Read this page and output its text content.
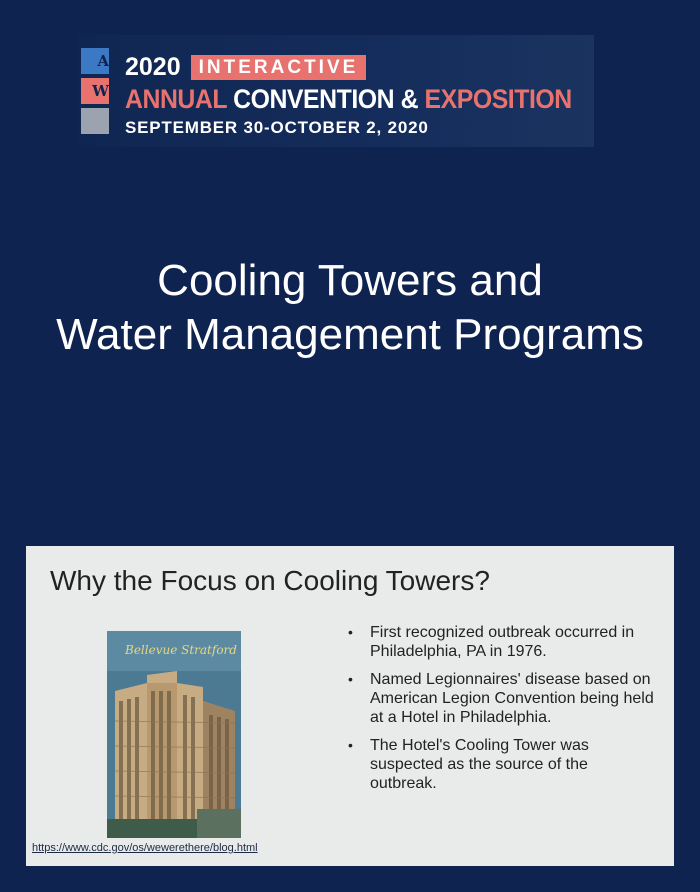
A
W
2020 INTERACTIVE
ANNUAL CONVENTION & EXPOSITION
SEPTEMBER 30-OCTOBER 2, 2020
Cooling Towers and
Water Management Programs
Why the Focus on Cooling Towers?
Bellevue Stratford
https://www.cdc.gov/os/wewerethere/blog.html
• First recognized outbreak occurred in Philadelphia, PA in 1976.
• Named Legionnaires' disease based on American Legion Convention being held at a Hotel in Philadelphia.
• The Hotel's Cooling Tower was suspected as the source of the outbreak.
